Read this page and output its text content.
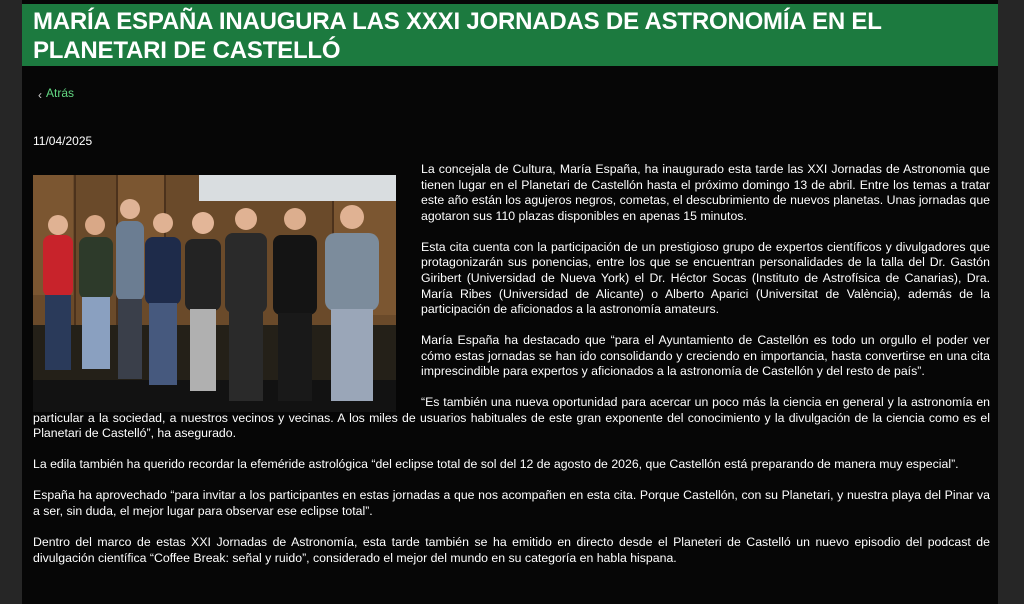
MARÍA ESPAÑA INAUGURA LAS XXXI JORNADAS DE ASTRONOMÍA EN EL PLANETARI DE CASTELLÓ
‹ Atrás
11/04/2025

La concejala de Cultura, María España, ha inaugurado esta tarde las XXI Jornadas de Astronomia que tienen lugar en el Planetari de Castellón hasta el próximo domingo 13 de abril. Entre los temas a tratar este año están los agujeros negros, cometas, el descubrimiento de nuevos planetas. Unas jornadas que agotaron sus 110 plazas disponibles en apenas 15 minutos.

Esta cita cuenta con la participación de un prestigioso grupo de expertos científicos y divulgadores que protagonizarán sus ponencias, entre los que se encuentran personalidades de la talla del Dr. Gastón Giribert (Universidad de Nueva York) el Dr. Héctor Socas (Instituto de Astrofísica de Canarias), Dra. María Ribes (Universidad de Alicante) o Alberto Aparici (Universitat de València), además de la participación de aficionados a la astronomía amateurs.

María España ha destacado que “para el Ayuntamiento de Castellón es todo un orgullo el poder ver cómo estas jornadas se han ido consolidando y creciendo en importancia, hasta convertirse en una cita imprescindible para expertos y aficionados a la astronomía de Castellón y del resto de país”.

“Es también una nueva oportunidad para acercar un poco más la ciencia en general y la astronomía en particular a la sociedad, a nuestros vecinos y vecinas. A los miles de usuarios habituales de este gran exponente del conocimiento y la divulgación de la ciencia como es el Planetari de Castelló”, ha asegurado.

La edila también ha querido recordar la efeméride astrológica “del eclipse total de sol del 12 de agosto de 2026, que Castellón está preparando de manera muy especial”.

España ha aprovechado “para invitar a los participantes en estas jornadas a que nos acompañen en esta cita. Porque Castellón, con su Planetari, y nuestra playa del Pinar va a ser, sin duda, el mejor lugar para observar ese eclipse total”.

Dentro del marco de estas XXI Jornadas de Astronomía, esta tarde también se ha emitido en directo desde el Planeteri de Castelló un nuevo episodio del podcast de divulgación científica “Coffee Break: señal y ruido”, considerado el mejor del mundo en su categoría en habla hispana.
